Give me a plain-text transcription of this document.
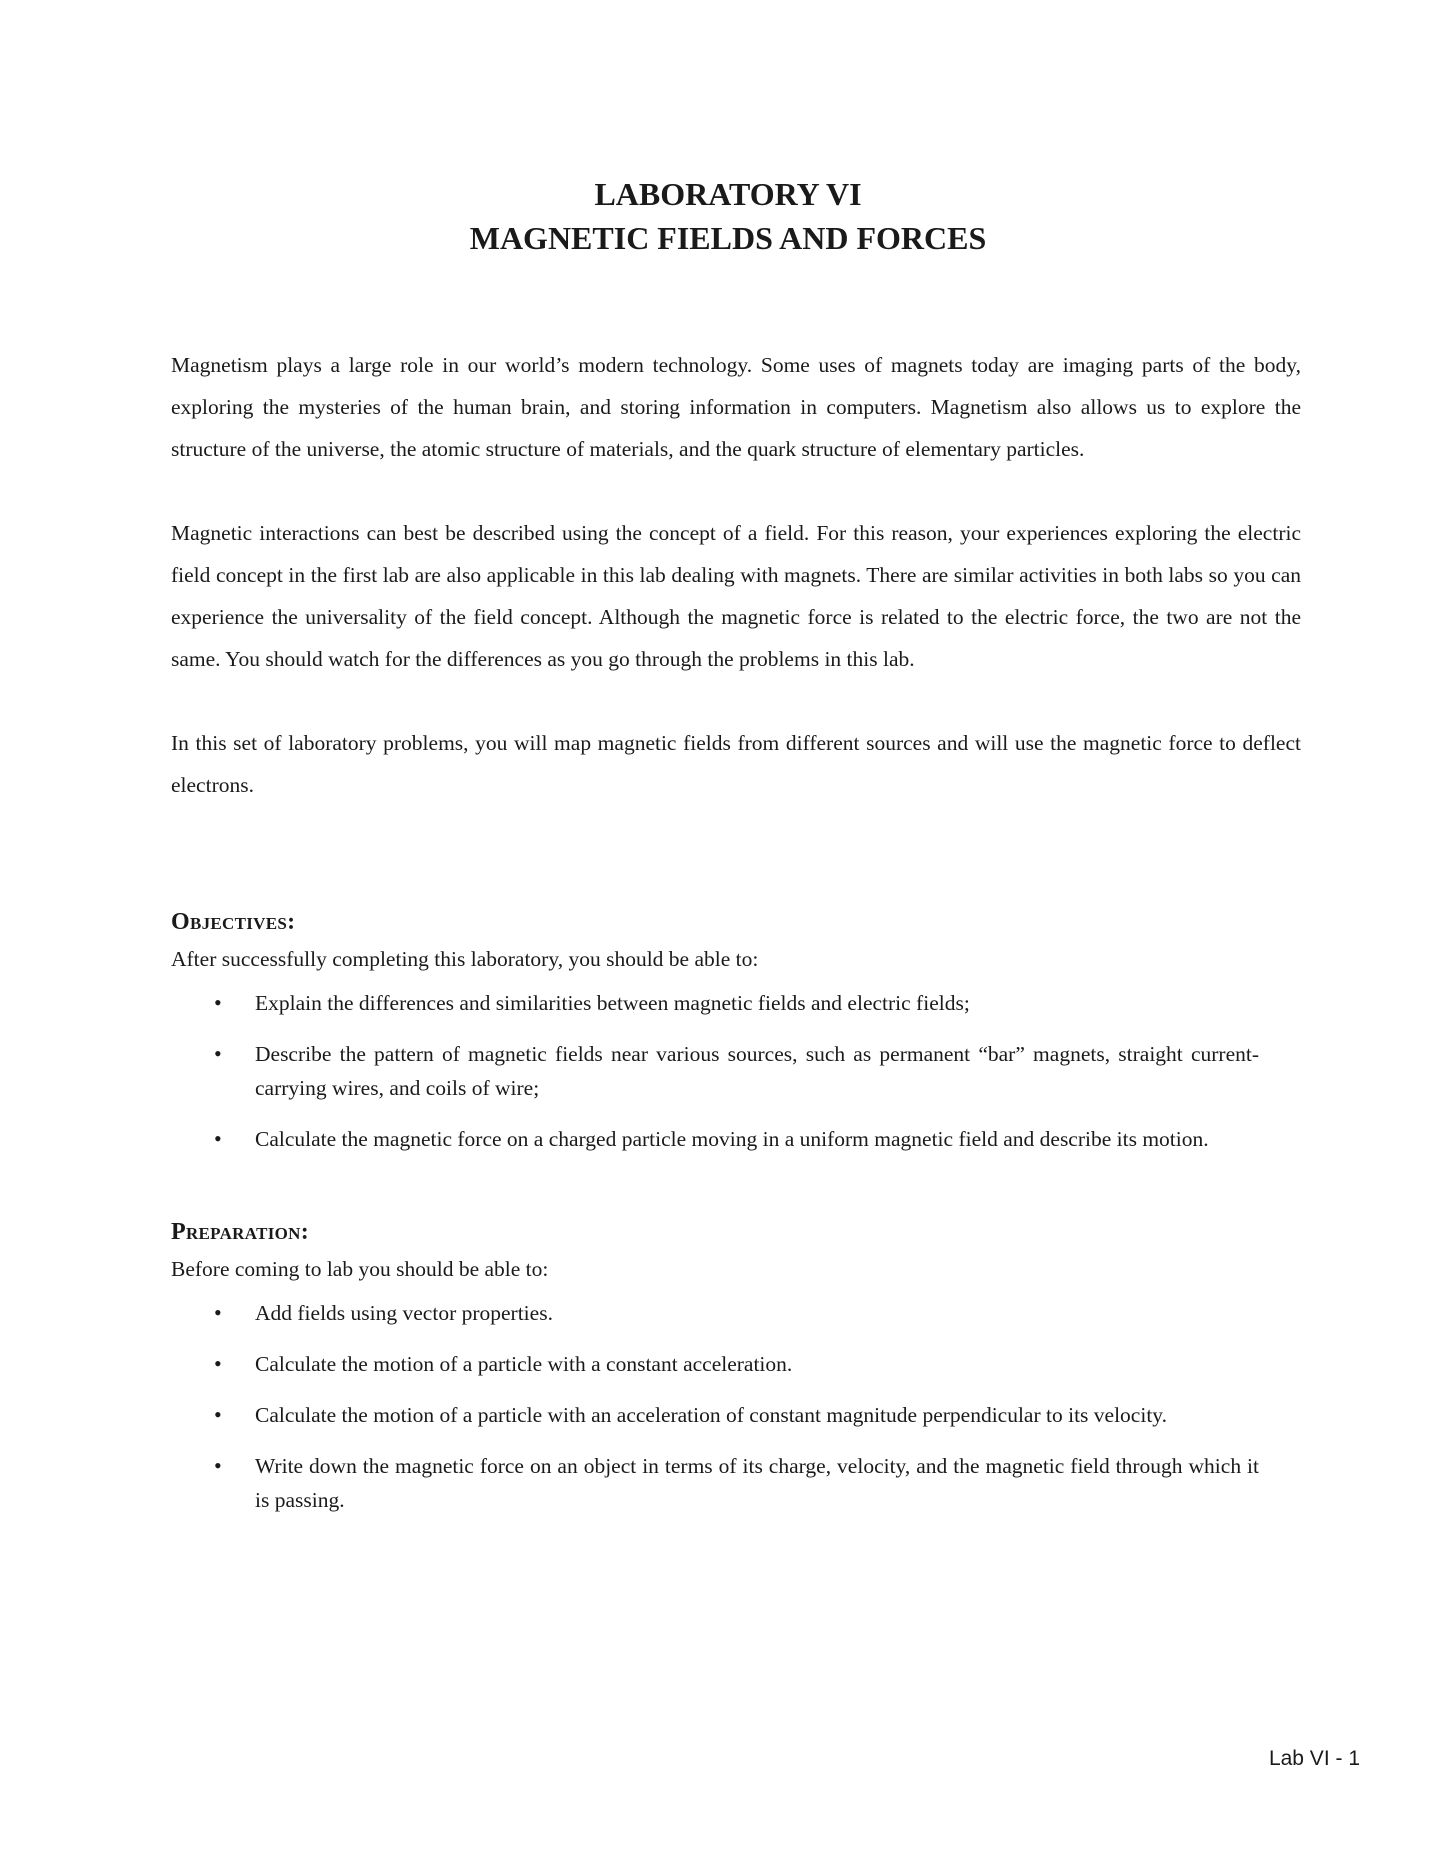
LABORATORY VI
MAGNETIC FIELDS AND FORCES

Magnetism plays a large role in our world’s modern technology. Some uses of magnets today are imaging parts of the body, exploring the mysteries of the human brain, and storing information in computers. Magnetism also allows us to explore the structure of the universe, the atomic structure of materials, and the quark structure of elementary particles.

Magnetic interactions can best be described using the concept of a field. For this reason, your experiences exploring the electric field concept in the first lab are also applicable in this lab dealing with magnets. There are similar activities in both labs so you can experience the universality of the field concept. Although the magnetic force is related to the electric force, the two are not the same. You should watch for the differences as you go through the problems in this lab.

In this set of laboratory problems, you will map magnetic fields from different sources and will use the magnetic force to deflect electrons.

Objectives:

After successfully completing this laboratory, you should be able to:

• Explain the differences and similarities between magnetic fields and electric fields;
• Describe the pattern of magnetic fields near various sources, such as permanent “bar” magnets, straight current-carrying wires, and coils of wire;
• Calculate the magnetic force on a charged particle moving in a uniform magnetic field and describe its motion.
Preparation:

Before coming to lab you should be able to:

• Add fields using vector properties.
• Calculate the motion of a particle with a constant acceleration.
• Calculate the motion of a particle with an acceleration of constant magnitude perpendicular to its velocity.
• Write down the magnetic force on an object in terms of its charge, velocity, and the magnetic field through which it is passing.
Lab VI - 1
